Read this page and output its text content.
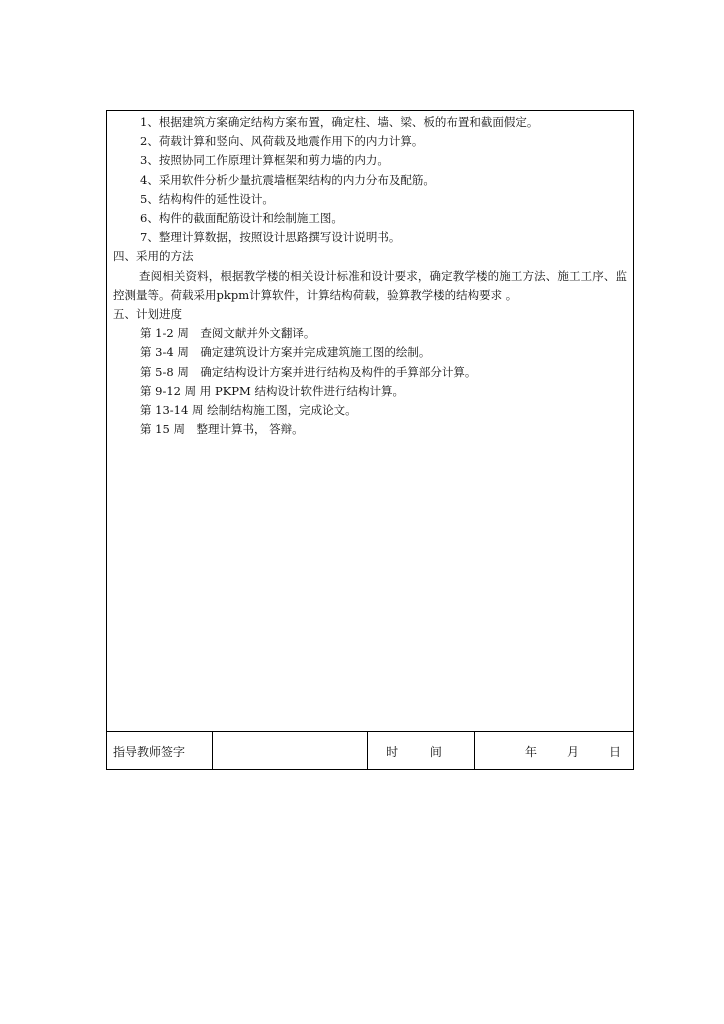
1、根据建筑方案确定结构方案布置，确定柱、墙、梁、板的布置和截面假定。
2、荷载计算和竖向、风荷载及地震作用下的内力计算。
3、按照协同工作原理计算框架和剪力墙的内力。
4、采用软件分析少量抗震墙框架结构的内力分布及配筋。
5、结构构件的延性设计。
6、构件的截面配筋设计和绘制施工图。
7、整理计算数据，按照设计思路撰写设计说明书。
四、采用的方法
查阅相关资料，根据教学楼的相关设计标准和设计要求，确定教学楼的施工方法、施工工序、监控测量等。荷载采用pkpm计算软件，计算结构荷载，验算教学楼的结构要求 。
五、计划进度
第 1-2 周　查阅文献并外文翻译。
第 3-4 周　确定建筑设计方案并完成建筑施工图的绘制。
第 5-8 周　确定结构设计方案并进行结构及构件的手算部分计算。
第 9-12 周 用 PKPM 结构设计软件进行结构计算。
第 13-14 周 绘制结构施工图，完成论文。
第 15 周　整理计算书， 答辩。
指导教师签字	时 间	年	月	日
